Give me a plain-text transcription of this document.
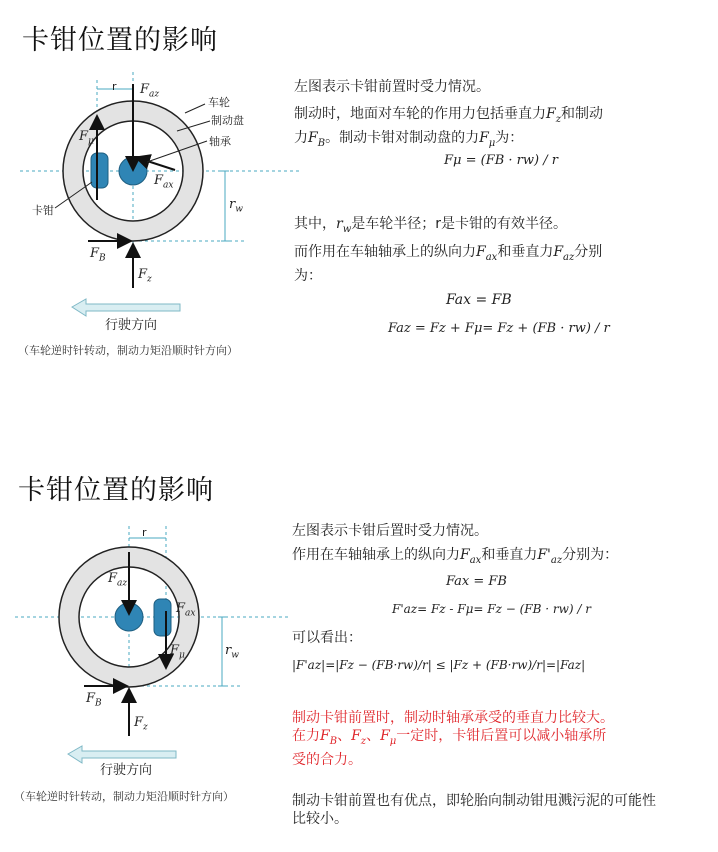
卡钳位置的影响
r $F_{az}$
车轮
制动盘
轴承
$F_\mu$
$F_{ax}$
$r_w$
卡钳
$F_B$
$F_z$
行驶方向
（车轮逆时针转动，制动力矩沿顺时针方向）
左图表示卡钳前置时受力情况。
制动时，地面对车轮的作用力包括垂直力$F_z$和制动
力$F_B$。制动卡钳对制动盘的力$F_\mu$为：
Fμ = (FB · rw) / r
其中，$r_w$是车轮半径；r是卡钳的有效半径。
而作用在车轴轴承上的纵向力$F_{ax}$和垂直力$F_{az}$分别
为：
Fax = FB
Faz = Fz + Fμ= Fz + (FB · rw) / r
卡钳位置的影响
r
$F_{az}$
$F_{ax}$
$F_\mu$	$r_w$
$F_B$
$F_z$
行驶方向
（车轮逆时针转动，制动力矩沿顺时针方向）
左图表示卡钳后置时受力情况。
作用在车轴轴承上的纵向力$F_{ax}$和垂直力$F'_{az}$分别为：
Fax = FB
F'az= Fz - Fμ= Fz − (FB · rw) / r
可以看出：
|F'az|=|Fz − (FB·rw)/r| ≤ |Fz + (FB·rw)/r|=|Faz|
制动卡钳前置时，制动时轴承承受的垂直力比较大。
在力$F_B$、$F_z$、$F_\mu$一定时，卡钳后置可以减小轴承所
受的合力。
制动卡钳前置也有优点，即轮胎向制动钳甩溅污泥的可能性
比较小。
